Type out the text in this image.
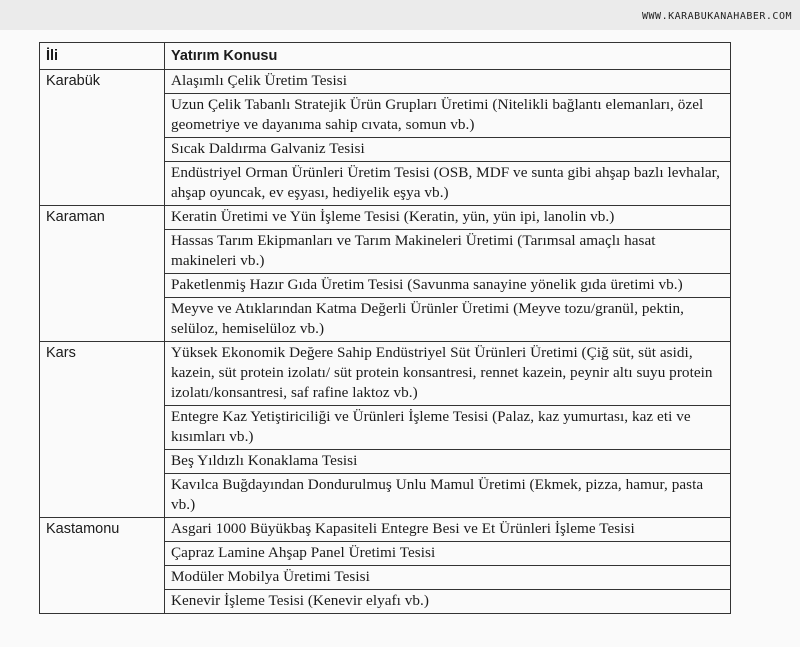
WWW.KARABUKANAHABER.COM
İli	Yatırım Konusu
Karabük	Alaşımlı Çelik Üretim Tesisi
	Uzun Çelik Tabanlı Stratejik Ürün Grupları Üretimi (Nitelikli bağlantı elemanları, özel geometriye ve dayanıma sahip cıvata, somun vb.)
	Sıcak Daldırma Galvaniz Tesisi
	Endüstriyel Orman Ürünleri Üretim Tesisi (OSB, MDF ve sunta gibi ahşap bazlı levhalar, ahşap oyuncak, ev eşyası, hediyelik eşya vb.)
Karaman	Keratin Üretimi ve Yün İşleme Tesisi (Keratin, yün, yün ipi, lanolin vb.)
	Hassas Tarım Ekipmanları ve Tarım Makineleri Üretimi (Tarımsal amaçlı hasat makineleri vb.)
	Paketlenmiş Hazır Gıda Üretim Tesisi (Savunma sanayine yönelik gıda üretimi vb.)
	Meyve ve Atıklarından Katma Değerli Ürünler Üretimi (Meyve tozu/granül, pektin, selüloz, hemiselüloz vb.)
Kars	Yüksek Ekonomik Değere Sahip Endüstriyel Süt Ürünleri Üretimi (Çiğ süt, süt asidi, kazein, süt protein izolatı/ süt protein konsantresi, rennet kazein, peynir altı suyu protein izolatı/konsantresi, saf rafine laktoz vb.)
	Entegre Kaz Yetiştiriciliği ve Ürünleri İşleme Tesisi (Palaz, kaz yumurtası, kaz eti ve kısımları vb.)
	Beş Yıldızlı Konaklama Tesisi
	Kavılca Buğdayından Dondurulmuş Unlu Mamul Üretimi (Ekmek, pizza, hamur, pasta vb.)
Kastamonu	Asgari 1000 Büyükbaş Kapasiteli Entegre Besi ve Et Ürünleri İşleme Tesisi
	Çapraz Lamine Ahşap Panel Üretimi Tesisi
	Modüler Mobilya Üretimi Tesisi
	Kenevir İşleme Tesisi (Kenevir elyafı vb.)
